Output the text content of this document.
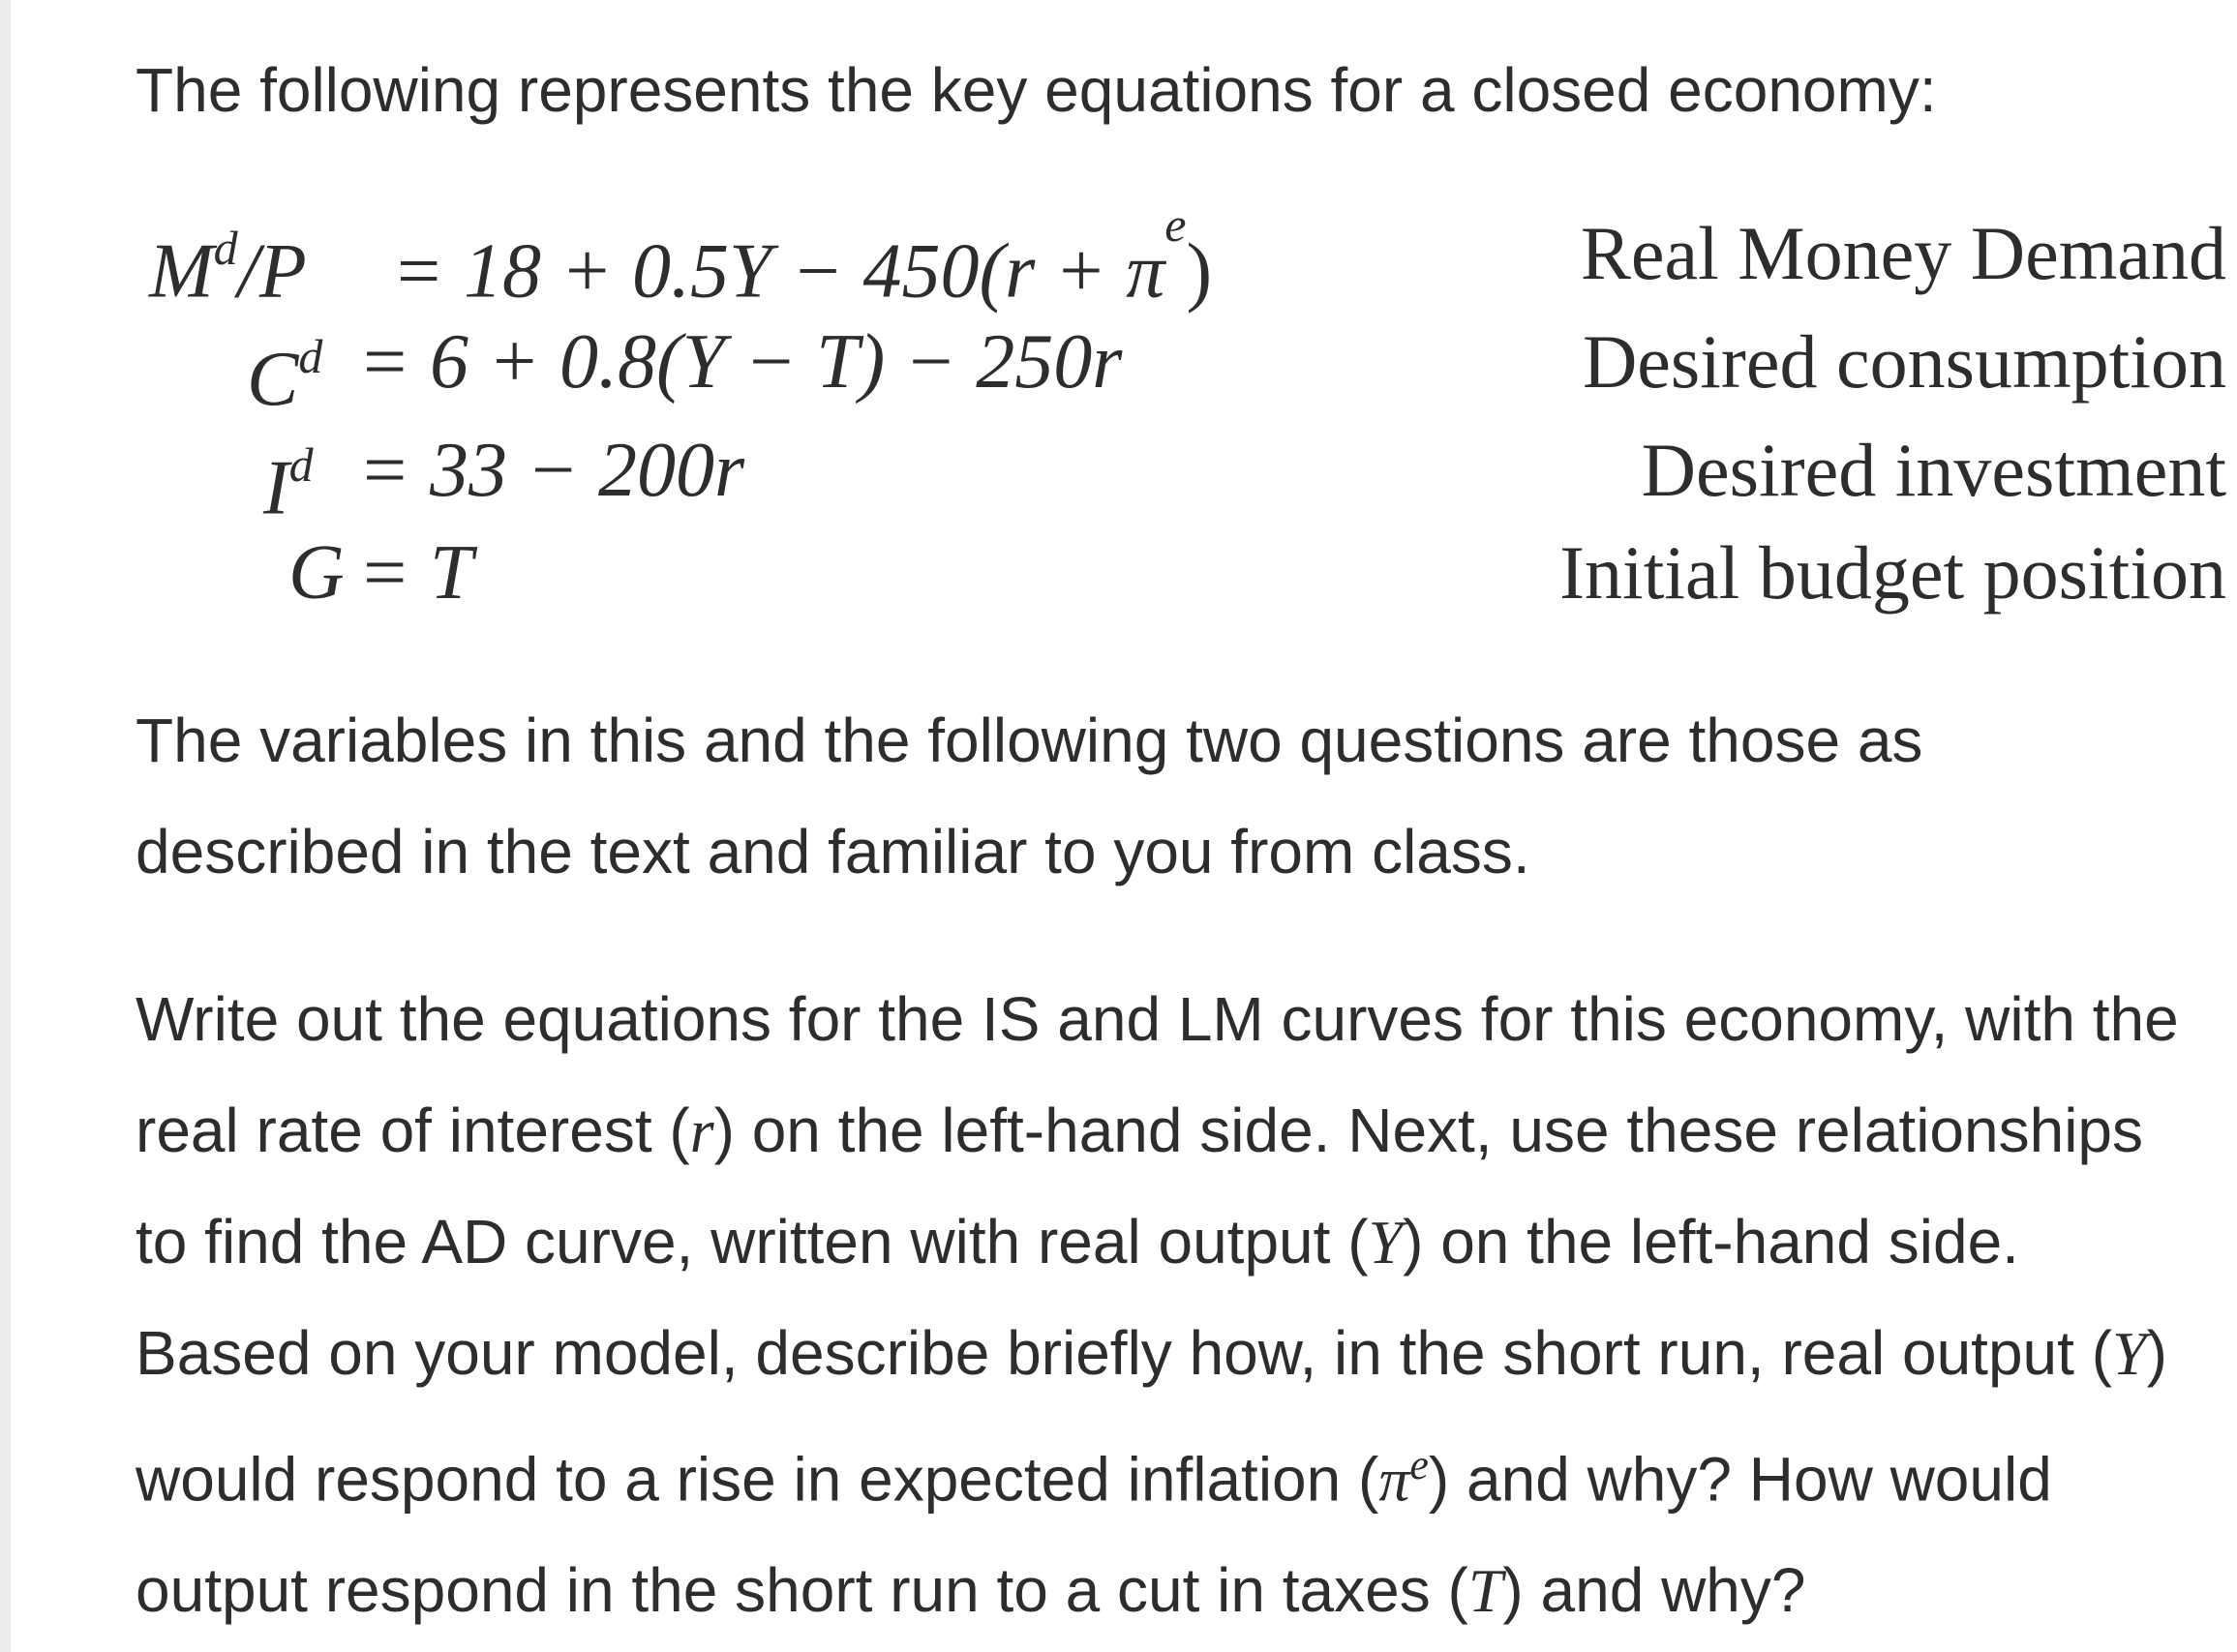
The following represents the key equations for a closed economy:
$M^d/P = 18 + 0.5Y - 450(r + \pi^e)$	Real Money Demand
$C^d = 6 + 0.8(Y - T) - 250r$	Desired consumption
$I^d = 33 - 200r$	Desired investment
G = T	Initial budget position
The variables in this and the following two questions are those as
described in the text and familiar to you from class.
Write out the equations for the IS and LM curves for this economy, with the
real rate of interest (r) on the left-hand side. Next, use these relationships
to find the AD curve, written with real output (Y) on the left-hand side.
Based on your model, describe briefly how, in the short run, real output (Y)
would respond to a rise in expected inflation $(\pi^e)$ and why? How would
output respond in the short run to a cut in taxes (T) and why?
